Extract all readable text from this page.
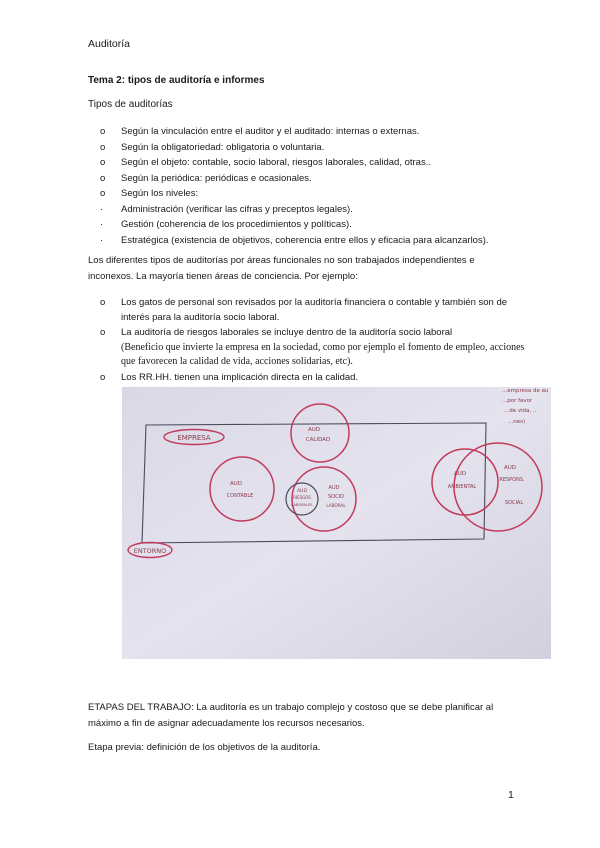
Auditoría
Tema 2: tipos de auditoría e informes
Tipos de auditorías
o Según la vinculación entre el auditor y el auditado: internas o externas.
o Según la obligatoriedad: obligatoria o voluntaria.
o Según el objeto: contable, socio laboral, riesgos laborales, calidad, otras..
o Según la periódica: periódicas e ocasionales.
o Según los niveles:
· Administración (verificar las cifras y preceptos legales).
· Gestión (coherencia de los procedimientos y políticas).
· Estratégica (existencia de objetivos, coherencia entre ellos y eficacia para alcanzarlos).
Los diferentes tipos de auditorías por áreas funcionales no son trabajados independientes e inconexos. La mayoría tienen áreas de conciencia. Por ejemplo:
o Los gatos de personal son revisados por la auditoría financiera o contable y también son de interés para la auditoría socio laboral.
o La auditoría de riesgos laborales se incluye dentro de la auditoría socio laboral
(Beneficio que invierte la empresa en la sociedad, como por ejemplo el fomento de empleo, acciones que favorecen la calidad de vida, acciones solidarias, etc).
o Los RR.HH. tienen una implicación directa en la calidad.
EMPRESA
ENTORNO
AUD
CALIDAD
AUD
CONTABLE
AUD
RIESGOS
LABORALES
AUD
SOCIO
LABORAL
AUD
AMBIENTAL
AUD
RESPONS.
SOCIAL
...empresa de au
...por favor
...de vida, ..
...nes)
ETAPAS DEL TRABAJO: La auditoría es un trabajo complejo y costoso que se debe planificar al máximo a fin de asignar adecuadamente los recursos necesarios.
Etapa previa: definición de los objetivos de la auditoría.
1
